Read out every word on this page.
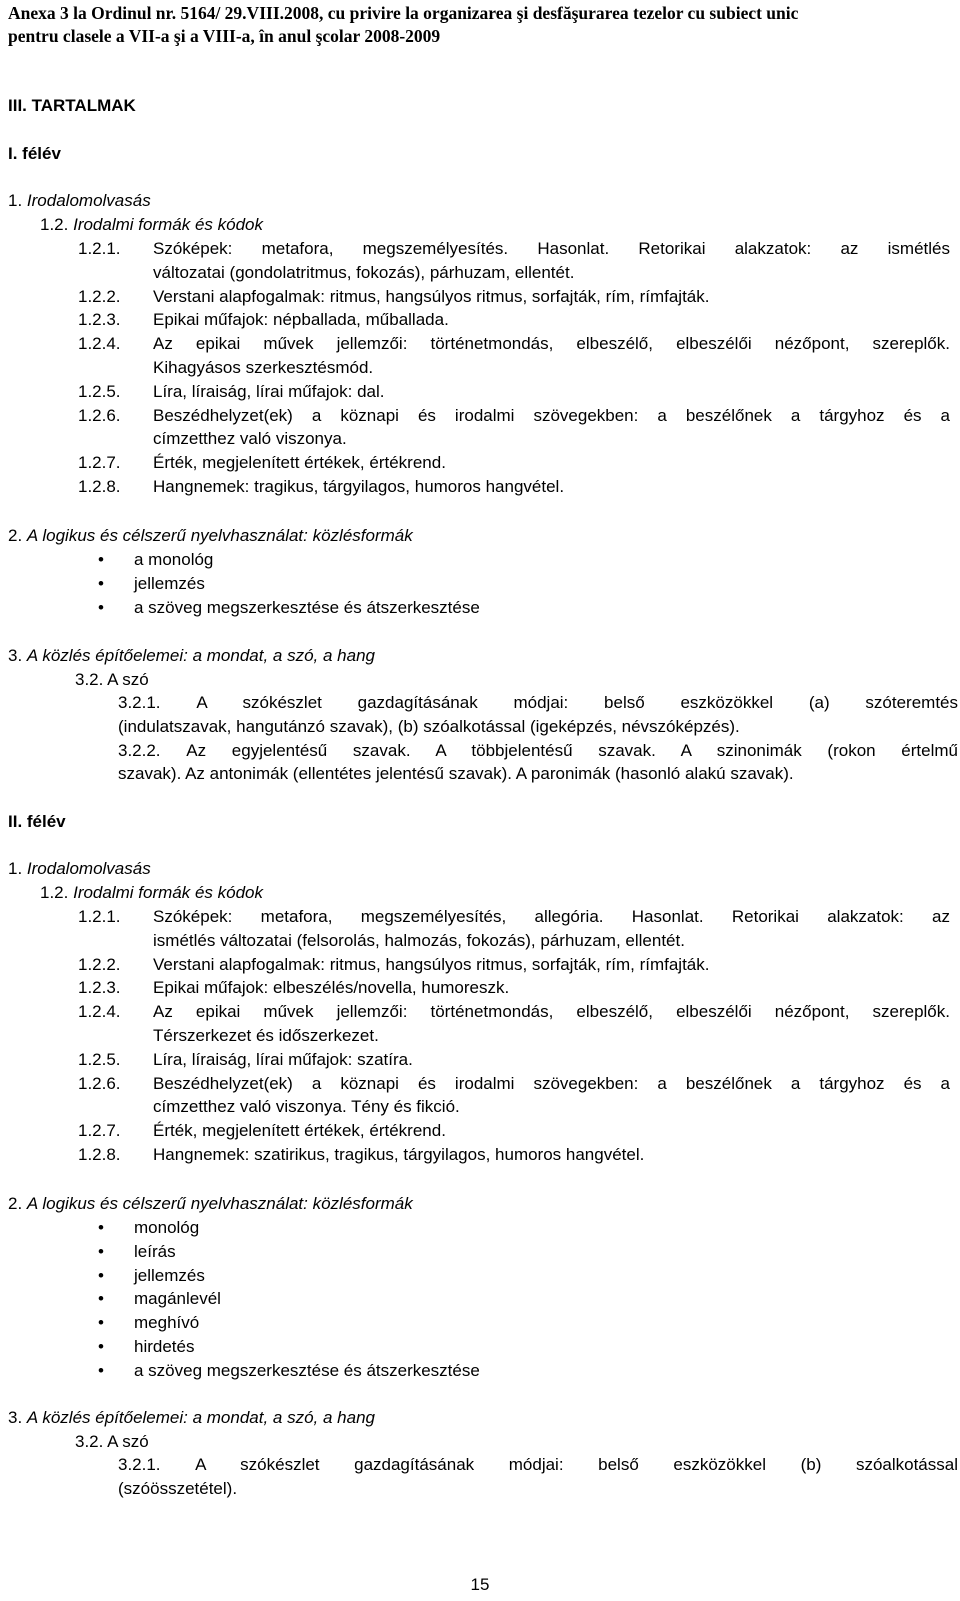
Anexa 3 la Ordinul nr. 5164/ 29.VIII.2008, cu privire la organizarea şi desfăşurarea tezelor cu subiect unic
pentru clasele a VII-a şi a VIII-a, în anul şcolar 2008-2009
III. TARTALMAK
I. félév
1. Irodalomolvasás
1.2. Irodalmi formák és kódok
1.2.1. Szóképek: metafora, megszemélyesítés. Hasonlat. Retorikai alakzatok: az ismétlés
változatai (gondolatritmus, fokozás), párhuzam, ellentét.
1.2.2. Verstani alapfogalmak: ritmus, hangsúlyos ritmus, sorfajták, rím, rímfajták.
1.2.3. Epikai műfajok: népballada, műballada.
1.2.4. Az epikai művek jellemzői: történetmondás, elbeszélő, elbeszélői nézőpont, szereplők.
Kihagyásos szerkesztésmód.
1.2.5. Líra, líraiság, lírai műfajok: dal.
1.2.6. Beszédhelyzet(ek) a köznapi és irodalmi szövegekben: a beszélőnek a tárgyhoz és a
címzetthez való viszonya.
1.2.7. Érték, megjelenített értékek, értékrend.
1.2.8. Hangnemek: tragikus, tárgyilagos, humoros hangvétel.
2. A logikus és célszerű nyelvhasználat: közlésformák
• a monológ
• jellemzés
• a szöveg megszerkesztése és átszerkesztése
3. A közlés építőelemei: a mondat, a szó, a hang
3.2. A szó
3.2.1. A szókészlet gazdagításának módjai: belső eszközökkel (a) szóteremtés
(indulatszavak, hangutánzó szavak), (b) szóalkotással (igeképzés, névszóképzés).
3.2.2. Az egyjelentésű szavak. A többjelentésű szavak. A szinonimák (rokon értelmű
szavak). Az antonimák (ellentétes jelentésű szavak). A paronimák (hasonló alakú szavak).
II. félév
1. Irodalomolvasás
1.2. Irodalmi formák és kódok
1.2.1. Szóképek: metafora, megszemélyesítés, allegória. Hasonlat. Retorikai alakzatok: az
ismétlés változatai (felsorolás, halmozás, fokozás), párhuzam, ellentét.
1.2.2. Verstani alapfogalmak: ritmus, hangsúlyos ritmus, sorfajták, rím, rímfajták.
1.2.3. Epikai műfajok: elbeszélés/novella, humoreszk.
1.2.4. Az epikai művek jellemzői: történetmondás, elbeszélő, elbeszélői nézőpont, szereplők.
Térszerkezet és időszerkezet.
1.2.5. Líra, líraiság, lírai műfajok: szatíra.
1.2.6. Beszédhelyzet(ek) a köznapi és irodalmi szövegekben: a beszélőnek a tárgyhoz és a
címzetthez való viszonya. Tény és fikció.
1.2.7. Érték, megjelenített értékek, értékrend.
1.2.8. Hangnemek: szatirikus, tragikus, tárgyilagos, humoros hangvétel.
2. A logikus és célszerű nyelvhasználat: közlésformák
• monológ
• leírás
• jellemzés
• magánlevél
• meghívó
• hirdetés
• a szöveg megszerkesztése és átszerkesztése
3. A közlés építőelemei: a mondat, a szó, a hang
3.2. A szó
3.2.1. A szókészlet gazdagításának módjai: belső eszközökkel (b) szóalkotással
(szóösszetétel).
15
